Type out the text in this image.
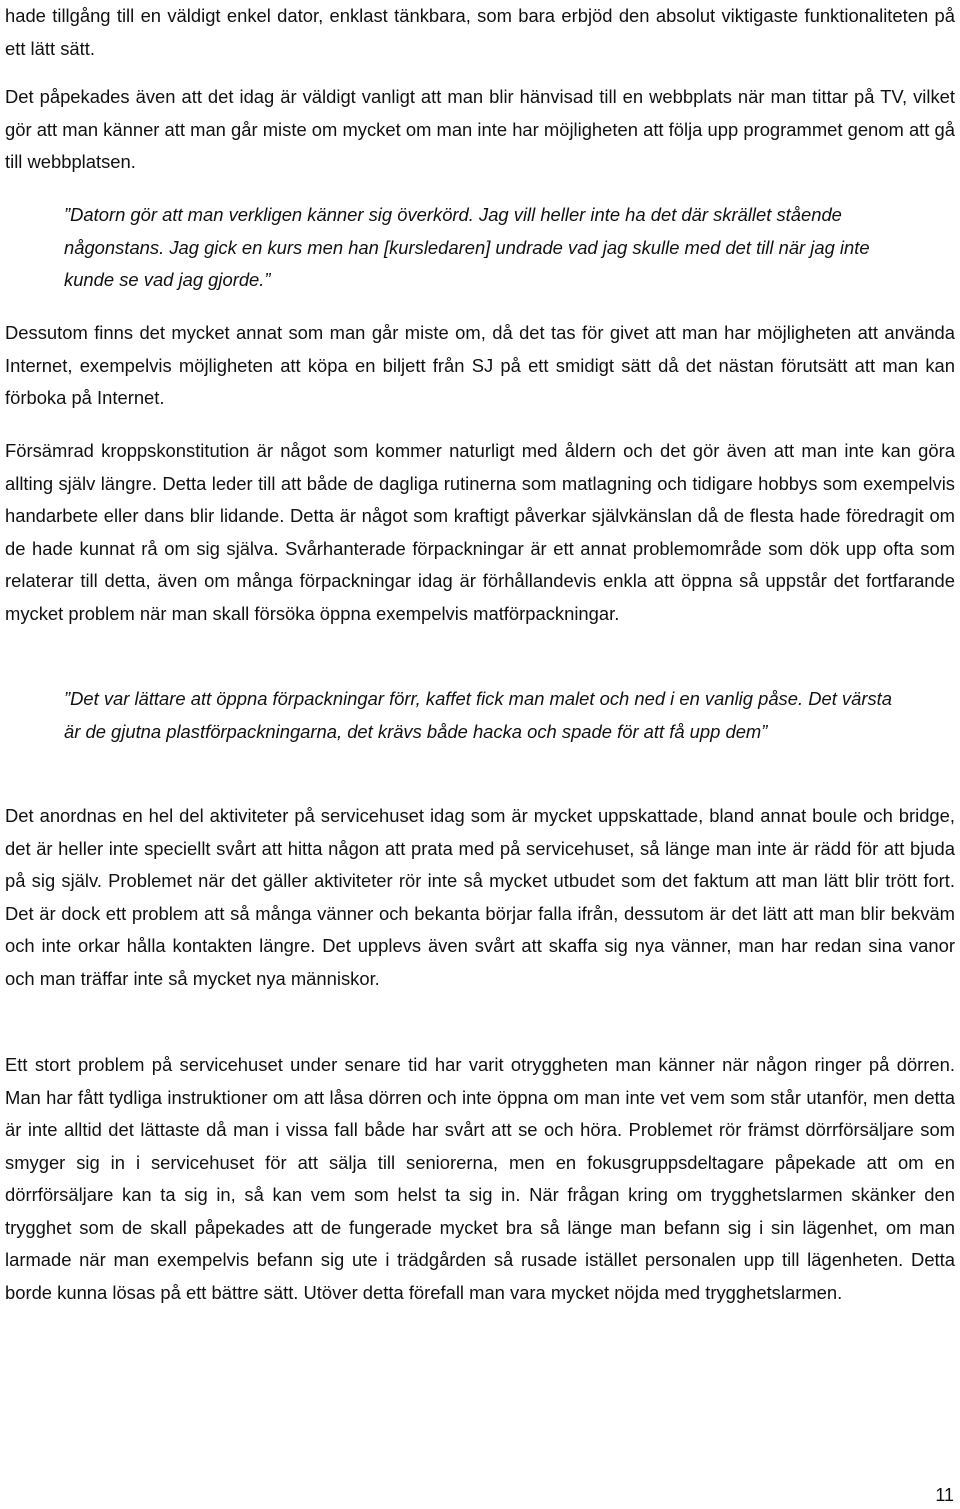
hade tillgång till en väldigt enkel dator, enklast tänkbara, som bara erbjöd den absolut viktigaste funktionaliteten på ett lätt sätt.

Det påpekades även att det idag är väldigt vanligt att man blir hänvisad till en webbplats när man tittar på TV, vilket gör att man känner att man går miste om mycket om man inte har möjligheten att följa upp programmet genom att gå till webbplatsen.

”Datorn gör att man verkligen känner sig överkörd. Jag vill heller inte ha det där skrället stående någonstans. Jag gick en kurs men han [kursledaren] undrade vad jag skulle med det till när jag inte kunde se vad jag gjorde.”

Dessutom finns det mycket annat som man går miste om, då det tas för givet att man har möjligheten att använda Internet, exempelvis möjligheten att köpa en biljett från SJ på ett smidigt sätt då det nästan förutsätt att man kan förboka på Internet.

Försämrad kroppskonstitution är något som kommer naturligt med åldern och det gör även att man inte kan göra allting själv längre. Detta leder till att både de dagliga rutinerna som matlagning och tidigare hobbys som exempelvis handarbete eller dans blir lidande. Detta är något som kraftigt påverkar självkänslan då de flesta hade föredragit om de hade kunnat rå om sig själva. Svårhanterade förpackningar är ett annat problemområde som dök upp ofta som relaterar till detta, även om många förpackningar idag är förhållandevis enkla att öppna så uppstår det fortfarande mycket problem när man skall försöka öppna exempelvis matförpackningar.

”Det var lättare att öppna förpackningar förr, kaffet fick man malet och ned i en vanlig påse. Det värsta är de gjutna plastförpackningarna, det krävs både hacka och spade för att få upp dem”

Det anordnas en hel del aktiviteter på servicehuset idag som är mycket uppskattade, bland annat boule och bridge, det är heller inte speciellt svårt att hitta någon att prata med på servicehuset, så länge man inte är rädd för att bjuda på sig själv. Problemet när det gäller aktiviteter rör inte så mycket utbudet som det faktum att man lätt blir trött fort. Det är dock ett problem att så många vänner och bekanta börjar falla ifrån, dessutom är det lätt att man blir bekväm och inte orkar hålla kontakten längre. Det upplevs även svårt att skaffa sig nya vänner, man har redan sina vanor och man träffar inte så mycket nya människor.

Ett stort problem på servicehuset under senare tid har varit otryggheten man känner när någon ringer på dörren. Man har fått tydliga instruktioner om att låsa dörren och inte öppna om man inte vet vem som står utanför, men detta är inte alltid det lättaste då man i vissa fall både har svårt att se och höra. Problemet rör främst dörrförsäljare som smyger sig in i servicehuset för att sälja till seniorerna, men en fokusgruppsdeltagare påpekade att om en dörrförsäljare kan ta sig in, så kan vem som helst ta sig in. När frågan kring om trygghetslarmen skänker den trygghet som de skall påpekades att de fungerade mycket bra så länge man befann sig i sin lägenhet, om man larmade när man exempelvis befann sig ute i trädgården så rusade istället personalen upp till lägenheten. Detta borde kunna lösas på ett bättre sätt. Utöver detta förefall man vara mycket nöjda med trygghetslarmen.

11
